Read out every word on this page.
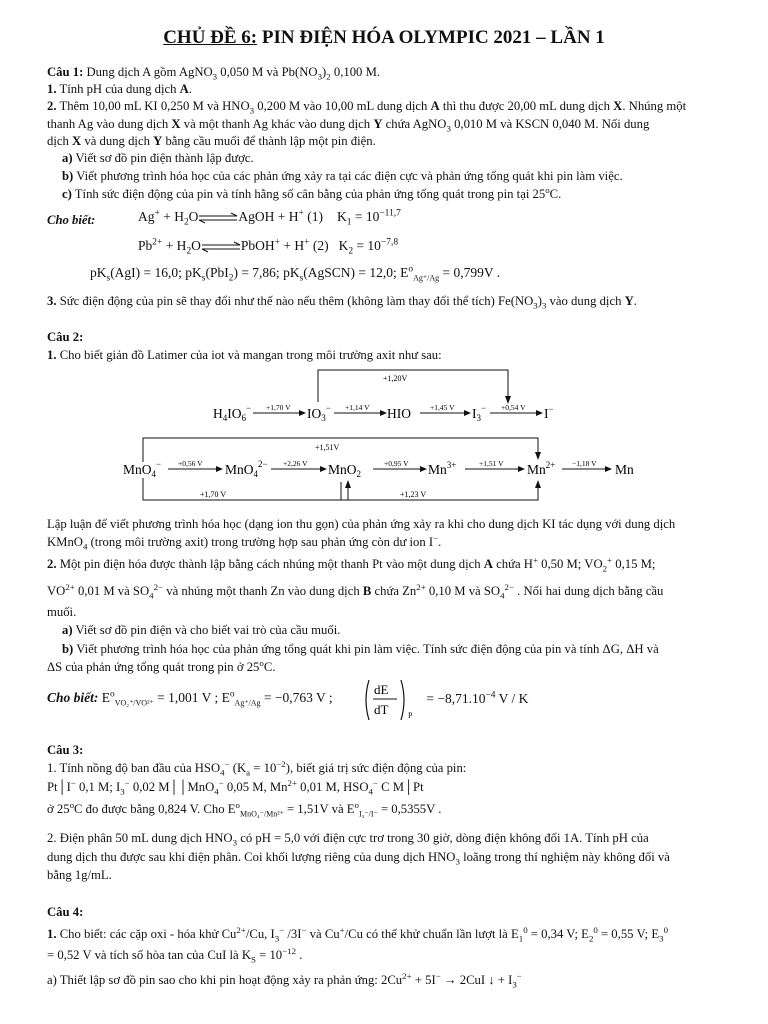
CHỦ ĐỀ 6: PIN ĐIỆN HÓA OLYMPIC 2021 – LẦN 1
Câu 1: Dung dịch A gồm AgNO$_3$ 0,050 M và $Pb(NO_3)_2$ 0,100 M.
1. Tính pH của dung dịch A.
2. Thêm 10,00 mL KI 0,250 M và $HNO_3$ 0,200 M vào 10,00 mL dung dịch A thì thu được 20,00 mL dung dịch X. Nhúng một
thanh Ag vào dung dịch X và một thanh Ag khác vào dung dịch Y chứa AgNO$_3$ 0,010 M và KSCN 0,040 M. Nối dung
dịch X và dung dịch Y bằng cầu muối để thành lập một pin điện.
a) Viết sơ đồ pin điện thành lập được.
b) Viết phương trình hóa học của các phản ứng xảy ra tại các điện cực và phản ứng tổng quát khi pin làm việc.
c) Tính sức điện động của pin và tính hằng số cân bằng của phản ứng tổng quát trong pin tại 25$^o$C.
Cho biết:	$Ag^+ + H_2O\rightleftharpoons AgOH + H^+$ (1) $K_1 = 10^{-11,7}$
$Pb^{2+}$ + $H_2O\rightleftharpoons PbOH^+ + H^+$ (2) $K_2 = 10^{-7,8}$
$pK_s(AgI) = 16,0$; $pK_s(PbI_2) = 7,86$; $pK_s(AgSCN) = 12,0$; $E^o_{Ag^+/Ag} = 0,799V$ .
3. Sức điện động của pin sẽ thay đổi như thế nào nếu thêm (không làm thay đổi thể tích) $Fe(NO_3)_3$ vào dung dịch Y.
Câu 2:
1. Cho biết giản đồ Latimer của iot và mangan trong môi trường axit như sau:
+1,20V
$H_4IO_6^-$	$IO_3^-$	HIO	$I_3^-$	I−
+1,70 V	+1,14 V	+1,45 V	+0,54 V
+1,51V
MnO$_4$−	MnO$_4^{2-}$	MnO$_2$	$Mn^{3+}$	$Mn^{2+}$	Mn
+0,56 V	+2,26 V	+0,95 V	+1,51 V	−1,18 V
+1,70 V	+1,23 V
Lập luận để viết phương trình hóa học (dạng ion thu gọn) của phản ứng xảy ra khi cho dung dịch KI tác dụng với dung dịch
KMnO$_4$ (trong môi trường axit) trong trường hợp sau phản ứng còn dư ion I−.
2. Một pin điện hóa được thành lập bằng cách nhúng một thanh Pt vào một dung dịch A chứa H+ 0,50 M; $VO_2^+$ 0,15 M;
$VO^{2+}$ 0,01 M và $SO_4^{2-}$ và nhúng một thanh Zn vào dung dịch B chứa $Zn^{2+}$ 0,10 M và $SO_4^{2-}$ . Nối hai dung dịch bằng cầu
muối.
a) Viết sơ đồ pin điện và cho biết vai trò của cầu muối.
b) Viết phương trình hóa học của phản ứng tổng quát khi pin làm việc. Tính sức điện động của pin và tính ΔG, ΔH và
ΔS của phản ứng tổng quát trong pin ở 25$^o$C.
Cho biết: $E^o_{VO_2^+/VO^{2+}} = 1,001$ V ; $E^o_{Ag^+/Ag} = -0,763$ V ;
dE
dT P
= $-8,71.10^{-4}$ V / K
Câu 3:
1. Tính nồng độ ban đầu của $HSO_4^-$ $(K_a = 10^{-2})$, biết giá trị sức điện động của pin:
Pt│I− 0,1 M; $I_3^-$ 0,02 M││MnO$_4$− 0,05 M, $Mn^{2+}$ 0,01 M, $HSO_4^-$ C M│Pt
ở 25$^o$C đo được bằng 0,824 V. Cho $E^o_{MnO_4^-/Mn^{2+}} = 1,51V$ và $E^o_{I_3^-/I^-} = 0,5355V$ .
2. Điện phân 50 mL dung dịch $HNO_3$ có pH = 5,0 với điện cực trơ trong 30 giờ, dòng điện không đổi 1A. Tính pH của
dung dịch thu được sau khi điện phân. Coi khối lượng riêng của dung dịch $HNO_3$ loãng trong thí nghiệm này không đổi và
bằng 1g/mL.
Câu 4:
1. Cho biết: các cặp oxi - hóa khử $Cu^{2+}/Cu$, $I_3^-$ /3I− và Cu+/Cu có thế khử chuẩn lần lượt là $E_1^0 = 0,34$ V; $E_2^0 = 0,55$ V; $E_3^0$
= 0,52 V và tích số hòa tan của CuI là $K_S = 10^{-12}$ .
a) Thiết lập sơ đồ pin sao cho khi pin hoạt động xảy ra phản ứng: $2Cu^{2+} + 5I^- \to 2CuI$ ↓ + $I_3^-$
